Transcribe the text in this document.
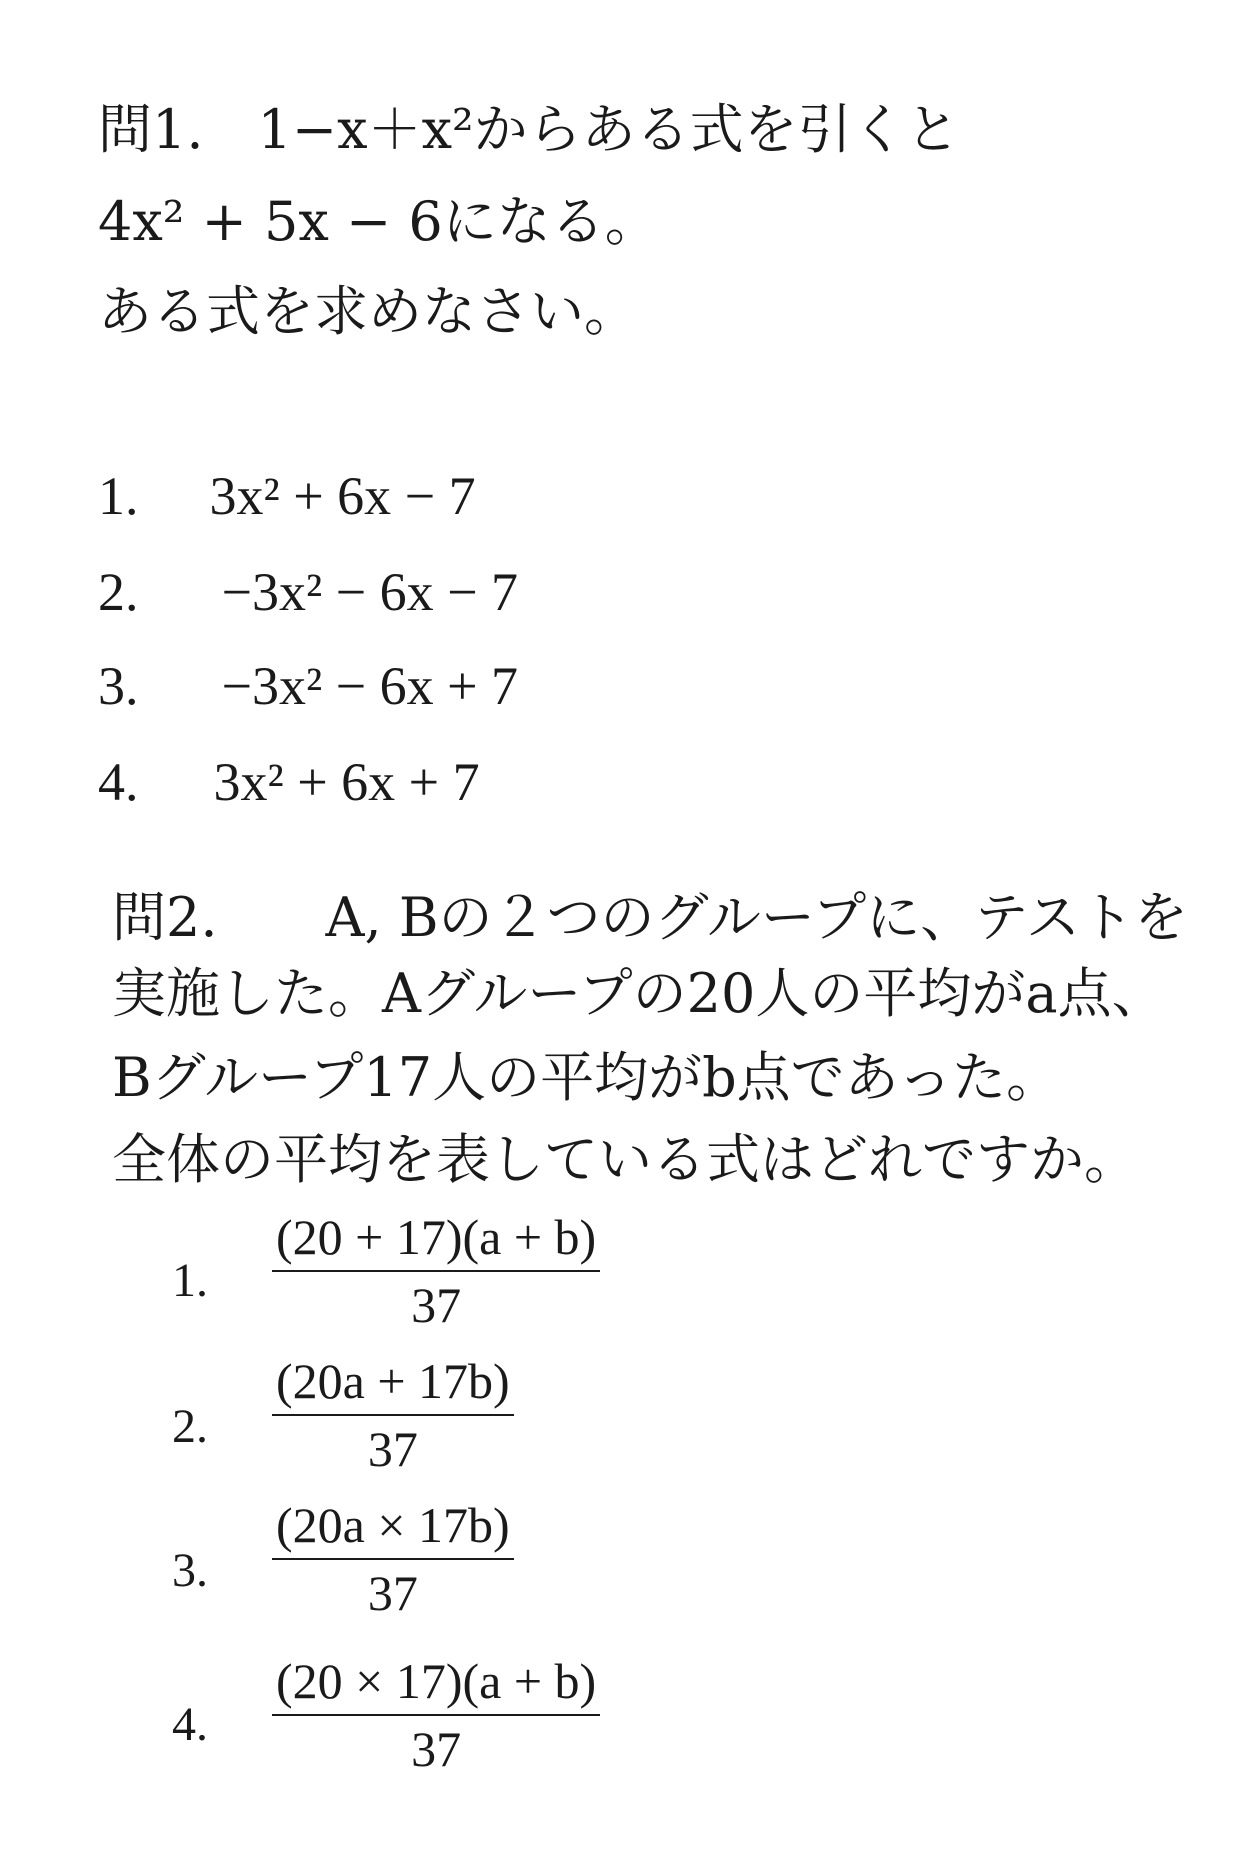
問1.　1−x＋x²からある式を引くと
4x² + 5x − 6になる。
ある式を求めなさい。
1. 3x² + 6x − 7
2. −3x² − 6x − 7
3. −3x² − 6x + 7
4. 3x² + 6x + 7
問2.　　A, Bの２つのグループに、テストを
実施した。Aグループの20人の平均がa点、
Bグループ17人の平均がb点であった。
全体の平均を表している式はどれですか。
1. $\frac{(20 + 17)(a + b)}{37}$
2. $\frac{(20a + 17b)}{37}$
3. $\frac{(20a \times 17b)}{37}$
4. $\frac{(20 \times 17)(a + b)}{37}$
